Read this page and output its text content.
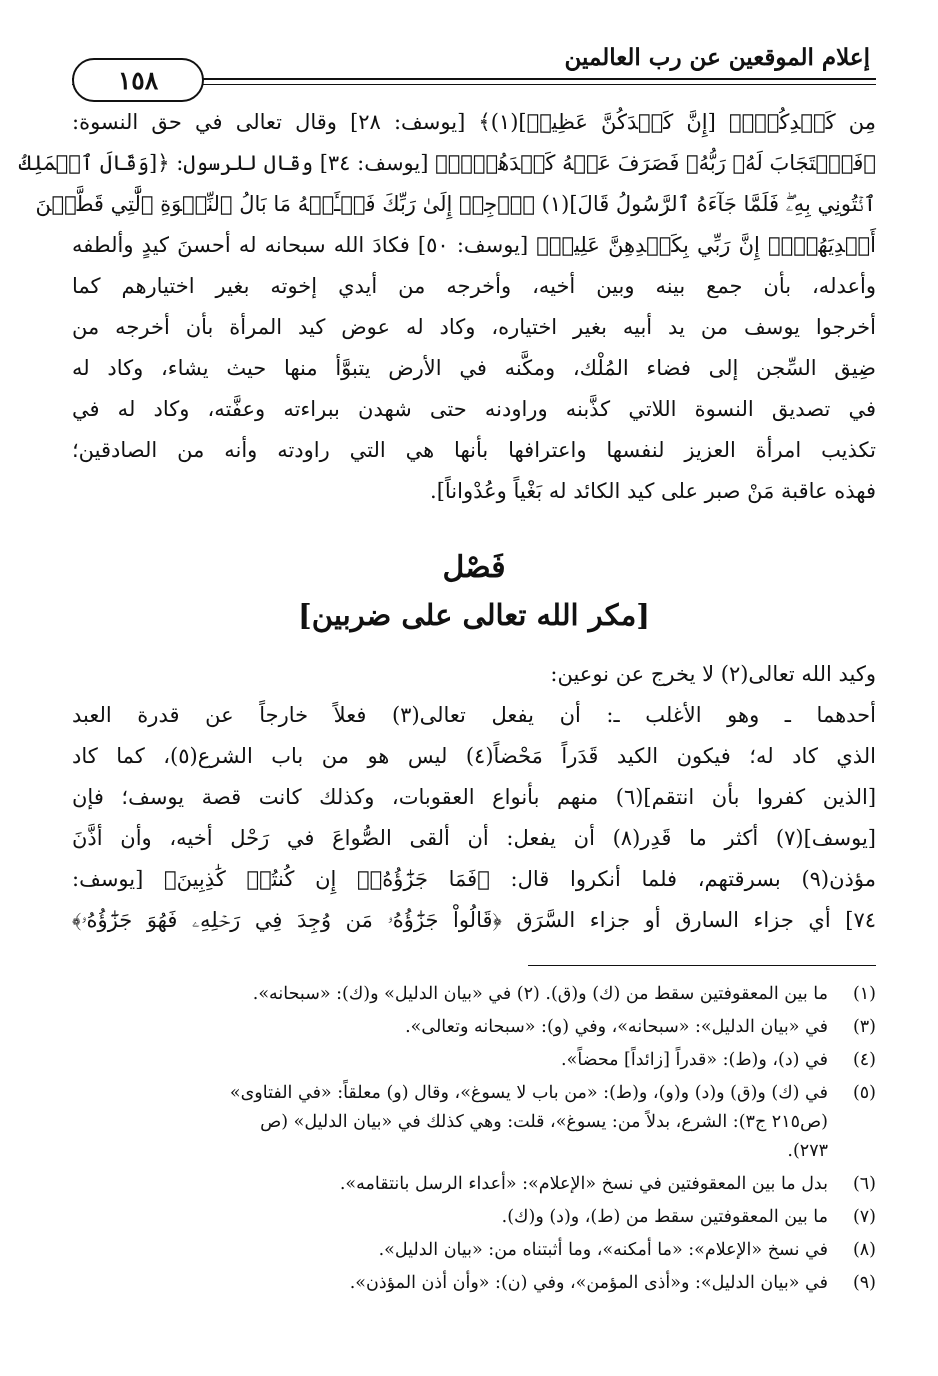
إعلام الموقعين عن رب العالمين
١٥٨
مِن كَيۡدِكُنَّۖ [إِنَّ كَيۡدَكُنَّ عَظِيمٞ](١)﴾ [يوسف: ٢٨] وقال تعالى في حق النسوة:
﴿فَٱسۡتَجَابَ لَهُۥ رَبُّهُۥ فَصَرَفَ عَنۡهُ كَيۡدَهُنَّۚ﴾ [يوسف: ٣٤] وقال للرسول: ﴿[وَقَالَ ٱلۡمَلِكُ
ٱئۡتُونِي بِهِۦۖ فَلَمَّا جَآءَهُ ٱلرَّسُولُ قَالَ](١) ٱرۡجِعۡ إِلَىٰ رَبِّكَ فَسۡـَٔلۡهُ مَا بَالُ ٱلنِّسۡوَةِ ٱلَّٰتِي قَطَّعۡنَ
أَيۡدِيَهُنَّۚ إِنَّ رَبِّي بِكَيۡدِهِنَّ عَلِيمٞ﴾ [يوسف: ٥٠] فكادَ الله سبحانه له أحسنَ كيدٍ وألطفه
وأعدله، بأن جمع بينه وبين أخيه، وأخرجه من أيدي إخوته بغير اختيارهم كما
أخرجوا يوسف من يد أبيه بغير اختياره، وكاد له عوض كيد المرأة بأن أخرجه من
ضِيق السِّجن إلى فضاء المُلْك، ومكَّنه في الأرض يتبوَّأ منها حيث يشاء، وكاد له
في تصديق النسوة اللاتي كذَّبنه وراودنه حتى شهدن ببراءته وعفَّته، وكاد له في
تكذيب امرأة العزيز لنفسها واعترافها بأنها هي التي راودته وأنه من الصادقين؛
فهذه عاقبة مَنْ صبر على كيد الكائد له بَغْياً وعُدْواناً].
فَصْل
[مكر الله تعالى على ضربين]
وكيد الله تعالى(٢) لا يخرج عن نوعين:
أحدهما ـ وهو الأغلب ـ: أن يفعل تعالى(٣) فعلاً خارجاً عن قدرة العبد
الذي كاد له؛ فيكون الكيد قَدَراً مَحْضاً(٤) ليس هو من باب الشرع(٥)، كما كاد
[الذين كفروا بأن انتقم](٦) منهم بأنواع العقوبات، وكذلك كانت قصة يوسف؛ فإن
[يوسف](٧) أكثر ما قَدِر(٨) أن يفعل: أن ألقى الصُّواعَ في رَحْل أخيه، وأن أذَّنَ
مؤذن(٩) بسرقتهم، فلما أنكروا قال: ﴿فَمَا جَزَٰٓؤُهُۥٓ إِن كُنتُمۡ كَٰذِبِينَ﴾ [يوسف:
٧٤] أي جزاء السارق أو جزاء السَّرَق ﴿قَالُواْ جَزَٰٓؤُهُۥ مَن وُجِدَ فِي رَحۡلِهِۦ فَهُوَ جَزَٰٓؤُهُۥ﴾
(١)
ما بين المعقوفتين سقط من (ك) و(ق). (٢) في «بيان الدليل» و(ك): «سبحانه».
(٣)
في «بيان الدليل»: «سبحانه»، وفي (و): «سبحانه وتعالى».
(٤)
في (د)، و(ط): «قدراً [زائداً] محضاً».
(٥)
في (ك) و(ق) و(د) و(و)، و(ط): «من باب لا يسوغ»، وقال (و) معلقاً: «في الفتاوى»
(ص٢١٥ ج٣): الشرع، بدلاً من: يسوغ»، قلت: وهي كذلك في «بيان الدليل» (ص
٢٧٣).
(٦)
بدل ما بين المعقوفتين في نسخ «الإعلام»: «أعداء الرسل بانتقامه».
(٧)
ما بين المعقوفتين سقط من (ط)، و(د) و(ك).
(٨)
في نسخ «الإعلام»: «ما أمكنه»، وما أثبتناه من: «بيان الدليل».
(٩)
في «بيان الدليل»: و«أذى المؤمن»، وفي (ن): «وأن أذن المؤذن».
